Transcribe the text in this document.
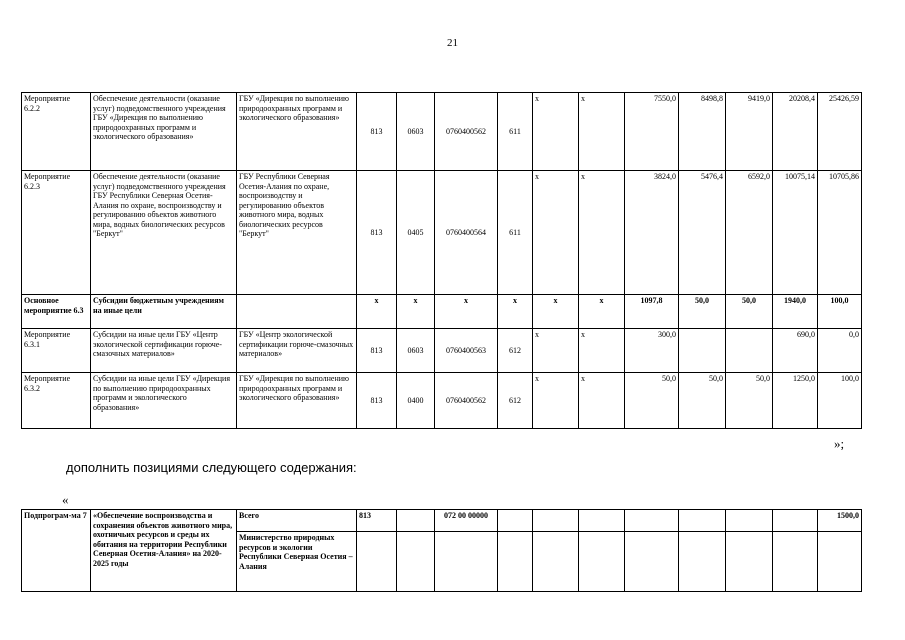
21
Мероприятие 6.2.2	Обеспечение деятельности (оказание услуг) подведомственного учреждения ГБУ «Дирекция по выполнению природоохранных программ и экологического образования»	ГБУ «Дирекция по выполнению природоохранных программ и экологического образования»	813	0603	0760400562	611	x	x	7550,0	8498,8	9419,0	20208,4	25426,59
Мероприятие 6.2.3	Обеспечение деятельности (оказание услуг) подведомственного учреждения ГБУ Республики Северная Осетия-Алания по охране, воспроизводству и регулированию объектов животного мира, водных биологических ресурсов "Беркут"	ГБУ Республики Северная Осетия-Алания по охране, воспроизводству и регулированию объектов животного мира, водных биологических ресурсов "Беркут"	813	0405	0760400564	611	x	x	3824,0	5476,4	6592,0	10075,14	10705,86
Основное мероприятие 6.3	Субсидии бюджетным учреждениям на иные цели		x	x	x	x	x	x	1097,8	50,0	50,0	1940,0	100,0
Мероприятие 6.3.1	Субсидии на иные цели ГБУ «Центр экологической сертификации горюче-смазочных материалов»	ГБУ «Центр экологической сертификации горюче-смазочных материалов»	813	0603	0760400563	612	x	x	300,0			690,0	0,0
Мероприятие 6.3.2	Субсидии на иные цели ГБУ «Дирекция по выполнению природоохранных программ и экологического образования»	ГБУ «Дирекция по выполнению природоохранных программ и экологического образования»	813	0400	0760400562	612	x	x	50,0	50,0	50,0	1250,0	100,0
»;
дополнить позициями следующего содержания:
«
Подпрограм-ма 7	«Обеспечение воспроизводства и сохранения объектов животного мира, охотничьих ресурсов и среды их обитания на территории Республики Северная Осетия-Алания» на 2020-2025 годы	Всего	813		072 00 00000								1500,0
		Министерство природных ресурсов и экологии Республики Северная Осетия – Алания											
